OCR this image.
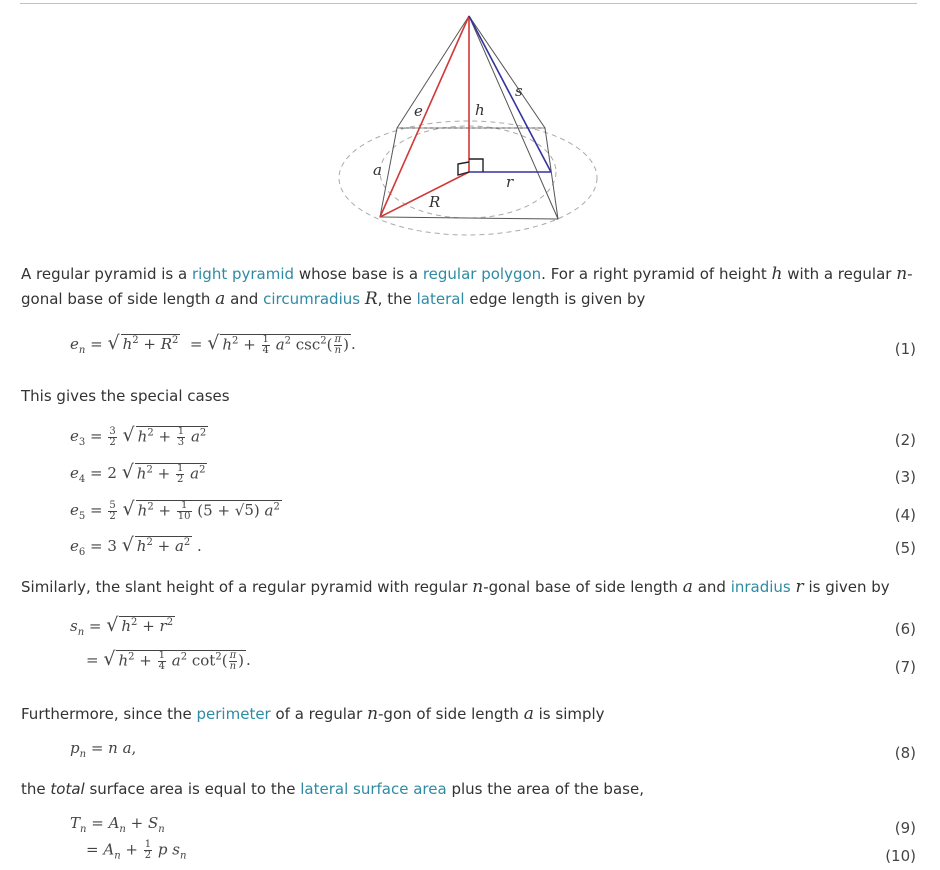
e	h
s
a
r
R
A regular pyramid is a right pyramid whose base is a regular polygon. For a right pyramid of height h with a regular n-gonal base of side length a and circumradius R, the lateral edge length is given by
$e_n$ = √ $h^2 + R^2$  = √ $h^2 + \frac{1}{4} a^2$ $\csc^2( \frac{\pi}{n}$ ) .	(1)
This gives the special cases
$e_3 = \frac{3}{2}$ √ $h^2 + \frac{1}{3} a^2$	(2)
$e_4 = 2$ √ $h^2 + \frac{1}{2} a^2$	(3)
$e_5 = \frac{5}{2}$ √ $h^2 + \frac{1}{10} (5 + √5)$ $a^2$	(4)
$e_6 = 3$ √ $h^2 + a^2$ .	(5)
Similarly, the slant height of a regular pyramid with regular n-gonal base of side length a and inradius r is given by
$s_n$ = √ $h^2 + r^2$	(6)
= √ $h^2 + \frac{1}{4} a^2$ $\cot^2( \frac{\pi}{n}$ ) .	(7)
Furthermore, since the perimeter of a regular n-gon of side length a is simply
$p_n = n$ a,	(8)
the total surface area is equal to the lateral surface area plus the area of the base,
$T_n = A_n + S_n$	(9)
= $A_n + \frac{1}{2}$ p $s_n$	(10)
